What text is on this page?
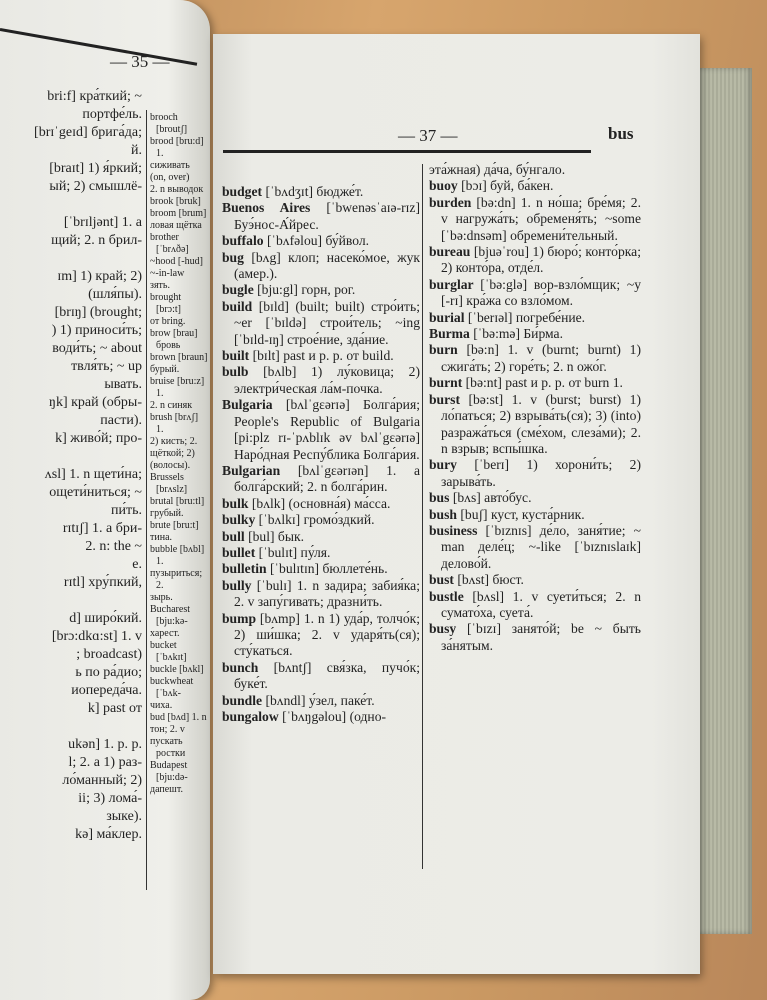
— 35 —
bri:f] кра́ткий; ~
портфе́ль.
[brɪˈgeɪd] брига́да;
й.
[braɪt] 1) я́ркий;
ый; 2) смышлё-
[ˈbrɪljənt] 1. a
щий; 2. n брил-
ɪm] 1) край; 2)
(шля́пы).
[brɪŋ] (brought;
) 1) приноси́ть;
води́ть; ~ about
твля́ть; ~ up
ывать.
ŋk] край (обры-
пасти).
k] живо́й; про-
ʌsl] 1. n щети́на;
ощети́ниться; ~
пи́ть.
rɪtɪʃ] 1. a бри-
2. n: the ~
e.
rɪtl] хру́пкий,
d] широ́кий.
[brɔ:dkɑ:st] 1. v
; broadcast)
ь по ра́дио;
иопереда́ча.
k] past от
ukən] 1. p. p.
l; 2. a 1) раз-
ло́манный; 2)
ii; 3) лома́-
зыке).
kə] ма́клер.
brooch [broutʃ]
brood [bru:d] 1.
сиживать
(on, over)
2. n выводок
brook [bruk]
broom [brum]
ловая щётка
brother [ˈbrʌðə]
~hood [-hud]
~-in-law
зять.
brought [brɔ:t]
от bring.
brow [brau] бровь
brown [braun]
бурый.
bruise [bru:z] 1.
2. n синяк
brush [brʌʃ] 1.
2) кисть; 2.
щёткой; 2)
(волосы).
Brussels [brʌslz]
brutal [bru:tl]
грубый.
brute [bru:t]
тина.
bubble [bʌbl] 1.
пузыриться; 2.
зырь.
Bucharest [bju:kə-
харест.
bucket [ˈbʌkɪt]
buckle [bʌkl]
buckwheat [ˈbʌk-
чиха.
bud [bʌd] 1. n
тон; 2. v
пускать ростки
Budapest [bju:də-
дапешт.
— 37 —	bus
budget [ˈbʌdʒɪt] бюдже́т.
Buenos Aires [ˈbwenəsˈaɪə-rɪz] Буэ́нос-А́йрес.
buffalo [ˈbʌfəlou] бу́йвол.
bug [bʌg] клоп; насеко́мое, жук (амер.).
bugle [bju:gl] горн, рог.
build [bɪld] (built; built) стро́ить; ~er [ˈbɪldə] строи́тель; ~ing [ˈbɪld-ɪŋ] строе́ние, зда́ние.
built [bɪlt] past и p. p. от build.
bulb [bʌlb] 1) лу́ковица; 2) электри́ческая ла́м-почка.
Bulgaria [bʌlˈgɛərɪə] Болга́рия; People's Republic of Bulgaria [pi:plz rɪ-ˈpʌblɪk əv bʌlˈgɛərɪə] Наро́дная Респу́блика Болга́рия.
Bulgarian [bʌlˈgɛərɪən] 1. a болга́рский; 2. n болга́рин.
bulk [bʌlk] (основна́я) ма́сса.
bulky [ˈbʌlkɪ] громо́здкий.
bull [bul] бык.
bullet [ˈbulɪt] пу́ля.
bulletin [ˈbulɪtɪn] бюллете́нь.
bully [ˈbulɪ] 1. n задира; забия́ка; 2. v запу́гивать; дразни́ть.
bump [bʌmp] 1. n 1) уда́р, толчо́к; 2) ши́шка; 2. v ударя́ть(ся); сту́каться.
bunch [bʌntʃ] свя́зка, пучо́к; буке́т.
bundle [bʌndl] у́зел, паке́т.
bungalow [ˈbʌŋgəlou] (одно-
эта́жная) да́ча, бу́нгало.
buoy [bɔɪ] буй, ба́кен.
burden [bə:dn] 1. n но́ша; бре́мя; 2. v нагружа́ть; обременя́ть; ~some [ˈbə:dnsəm] обремени́тельный.
bureau [bjuəˈrou] 1) бюро́; конто́рка; 2) конто́ра, отде́л.
burglar [ˈbə:glə] вор-взло́мщик; ~y [-rɪ] кра́жа со взло́мом.
burial [ˈberɪəl] погребе́ние.
Burma [ˈbə:mə] Би́рма.
burn [bə:n] 1. v (burnt; burnt) 1) сжига́ть; 2) горе́ть; 2. n ожо́г.
burnt [bə:nt] past и p. p. от burn 1.
burst [bə:st] 1. v (burst; burst) 1) ло́паться; 2) взрыва́ть(ся); 3) (into) разража́ться (сме́хом, слеза́ми); 2. n взрыв; вспы́шка.
bury [ˈberɪ] 1) хорони́ть; 2) зарыва́ть.
bus [bʌs] авто́бус.
bush [buʃ] куст, куста́рник.
business [ˈbɪznɪs] де́ло, заня́тие; ~ man деле́ц; ~-like [ˈbɪznɪslaɪk] делово́й.
bust [bʌst] бюст.
bustle [bʌsl] 1. v суети́ться; 2. n сумато́ха, суета́.
busy [ˈbɪzɪ] занято́й; be ~ быть за́нятым.
